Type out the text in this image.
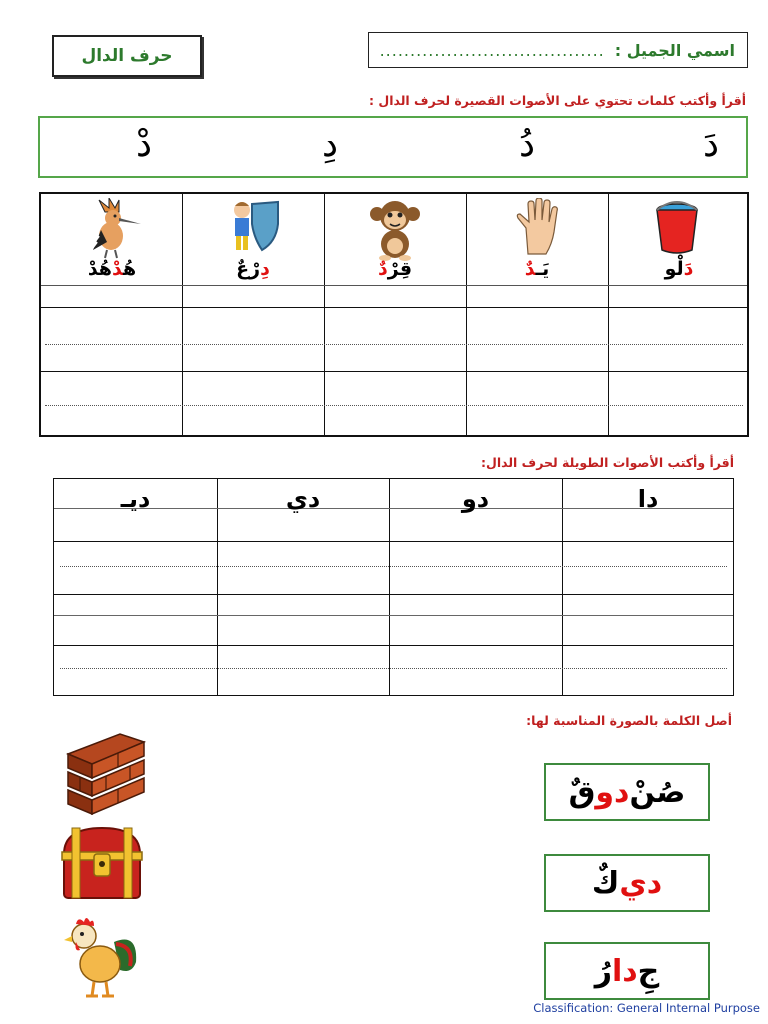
حرف الدال	اسمي الجميل :
.....................................
أقرأ وأكتب كلمات تحتوي على الأصوات القصيرة لحرف الدال :
دَ
دُ
دِ
دْ
دَلْو
يَـدٌ
قِرْدٌ
دِرْعٌ
هُدْهُدْ
أقرأ وأكتب الأصوات الطويلة لحرف الدال:
دا
دو
دي
ديـ
أصل الكلمة بالصورة المناسبة لها:
صُنْ
دو
قٌ
دي
كٌ
جِ
دا
رُ
Classification: General Internal Purpose
